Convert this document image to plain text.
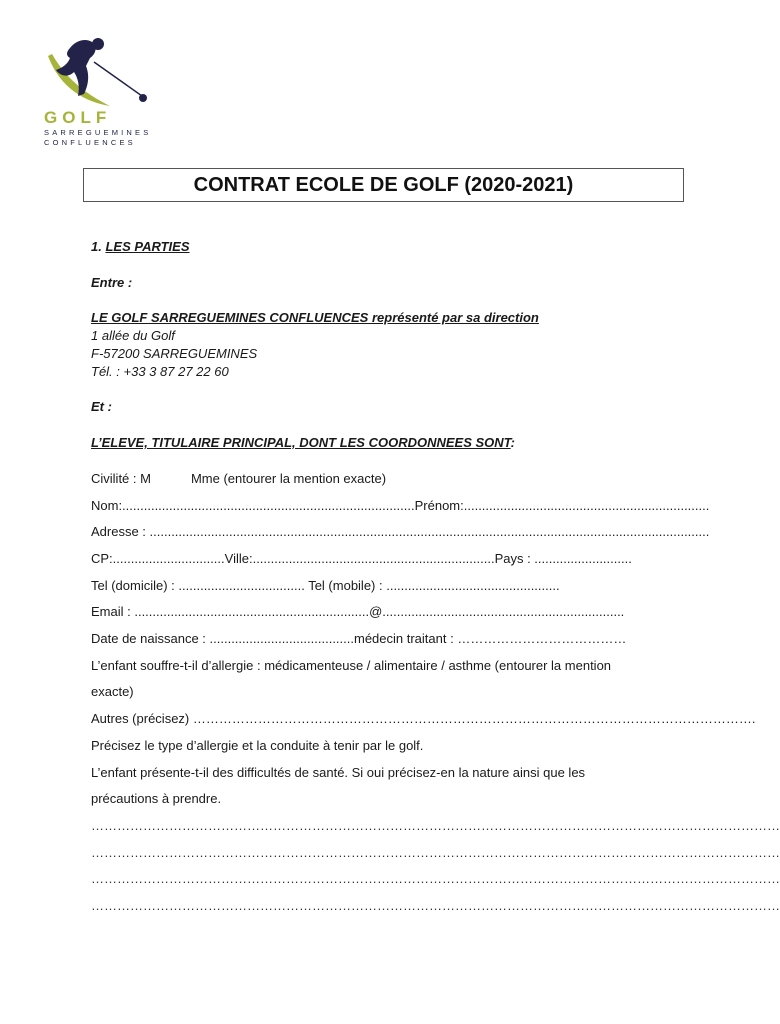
GOLF
SARREGUEMINES
CONFLUENCES
CONTRAT ECOLE DE GOLF (2020-2021)
1. LES PARTIES
Entre :
LE GOLF SARREGUEMINES CONFLUENCES représenté par sa direction
1 allée du Golf
F-57200 SARREGUEMINES
Tél. : +33 3 87 27 22 60
Et :
L’ELEVE, TITULAIRE PRINCIPAL, DONT LES COORDONNEES SONT:
Civilité : M	Mme (entourer la mention exacte)
Nom:.................................................................................Prénom:....................................................................
Adresse : ...........................................................................................................................................................
CP:...............................Ville:...................................................................Pays : ...........................
Tel (domicile) : ................................... Tel (mobile) : ................................................
Email : .................................................................@...................................................................
Date de naissance : ........................................médecin traitant : …………………………………
L’enfant souffre-t-il d’allergie : médicamenteuse / alimentaire / asthme (entourer la mention
exacte)
Autres (précisez) ………………………………………………………………………………………………………………….
Précisez le type d’allergie et la conduite à tenir par le golf.
L’enfant présente-t-il des difficultés de santé. Si oui précisez-en la nature ainsi que les
précautions à prendre.
……………………………………………………………………………………………………………………………………………
……………………………………………………………………………………………………………………………………………
……………………………………………………………………………………………………………………………………………
……………………………………………………………………………………………………………………………………………
